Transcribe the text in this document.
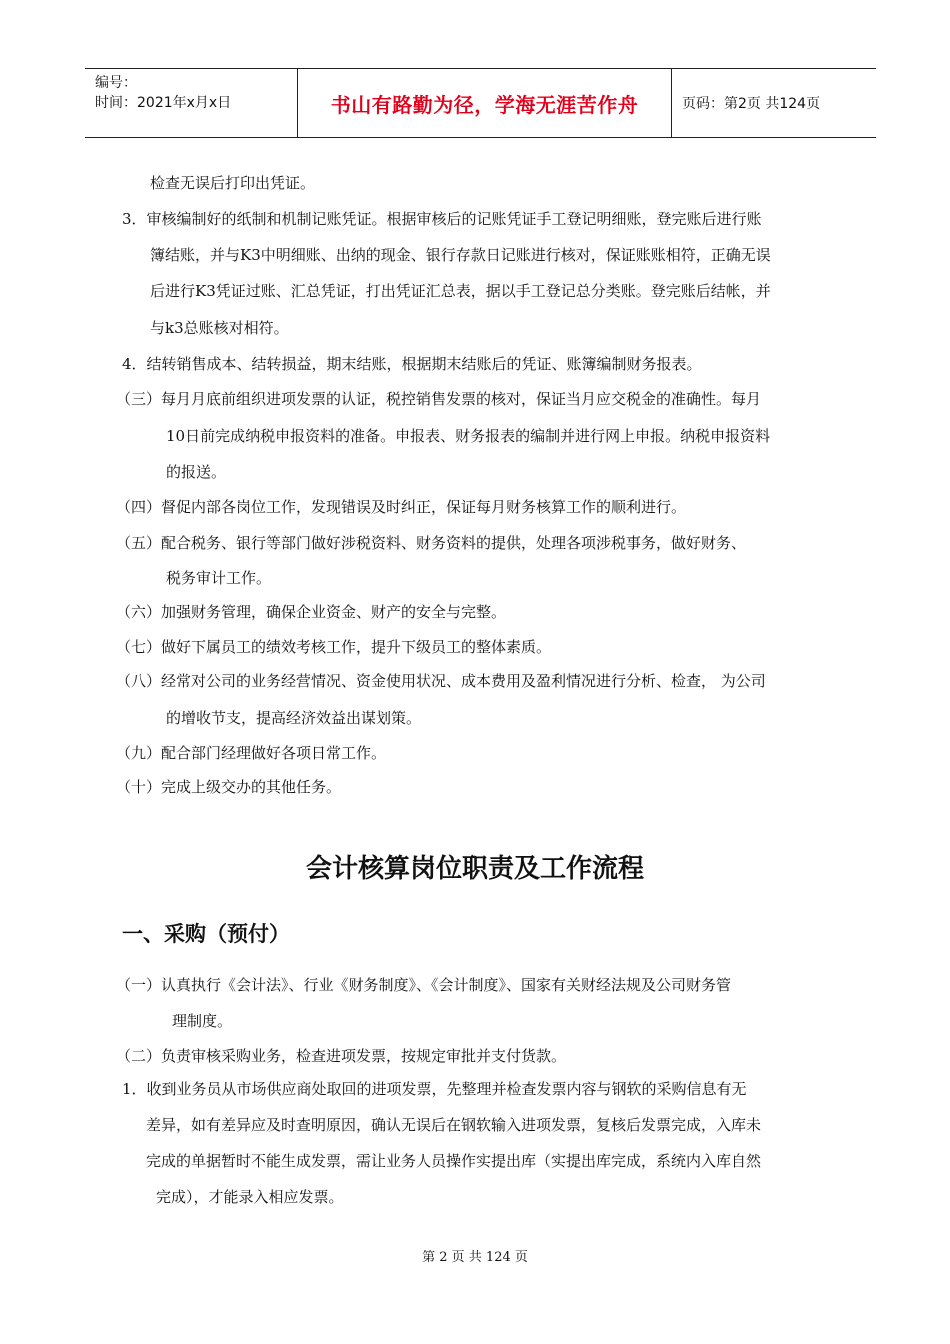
编号：
时间：2021年x月x日	书山有路勤为径，学海无涯苦作舟	页码：第2页 共124页
检查无误后打印出凭证。
3．审核编制好的纸制和机制记账凭证。根据审核后的记账凭证手工登记明细账，登完账后进行账
簿结账，并与K3中明细账、出纳的现金、银行存款日记账进行核对，保证账账相符，正确无误
后进行K3凭证过账、汇总凭证，打出凭证汇总表，据以手工登记总分类账。登完账后结帐，并
与k3总账核对相符。
4．结转销售成本、结转损益，期末结账，根据期末结账后的凭证、账簿编制财务报表。
（三）每月月底前组织进项发票的认证，税控销售发票的核对，保证当月应交税金的准确性。每月
10日前完成纳税申报资料的准备。申报表、财务报表的编制并进行网上申报。纳税申报资料
的报送。
（四）督促内部各岗位工作，发现错误及时纠正，保证每月财务核算工作的顺利进行。
（五）配合税务、银行等部门做好涉税资料、财务资料的提供，处理各项涉税事务，做好财务、
税务审计工作。
（六）加强财务管理，确保企业资金、财产的安全与完整。
（七）做好下属员工的绩效考核工作，提升下级员工的整体素质。
（八）经常对公司的业务经营情况、资金使用状况、成本费用及盈利情况进行分析、检查， 为公司
的增收节支，提高经济效益出谋划策。
（九）配合部门经理做好各项日常工作。
（十）完成上级交办的其他任务。
会计核算岗位职责及工作流程
一、采购（预付）
（一）认真执行《会计法》、行业《财务制度》、《会计制度》、国家有关财经法规及公司财务管
理制度。
（二）负责审核采购业务，检查进项发票，按规定审批并支付货款。
1．收到业务员从市场供应商处取回的进项发票，先整理并检查发票内容与钢软的采购信息有无
差异，如有差异应及时查明原因，确认无误后在钢软输入进项发票，复核后发票完成，入库未
完成的单据暂时不能生成发票，需让业务人员操作实提出库（实提出库完成，系统内入库自然
完成），才能录入相应发票。
第 2 页 共 124 页
